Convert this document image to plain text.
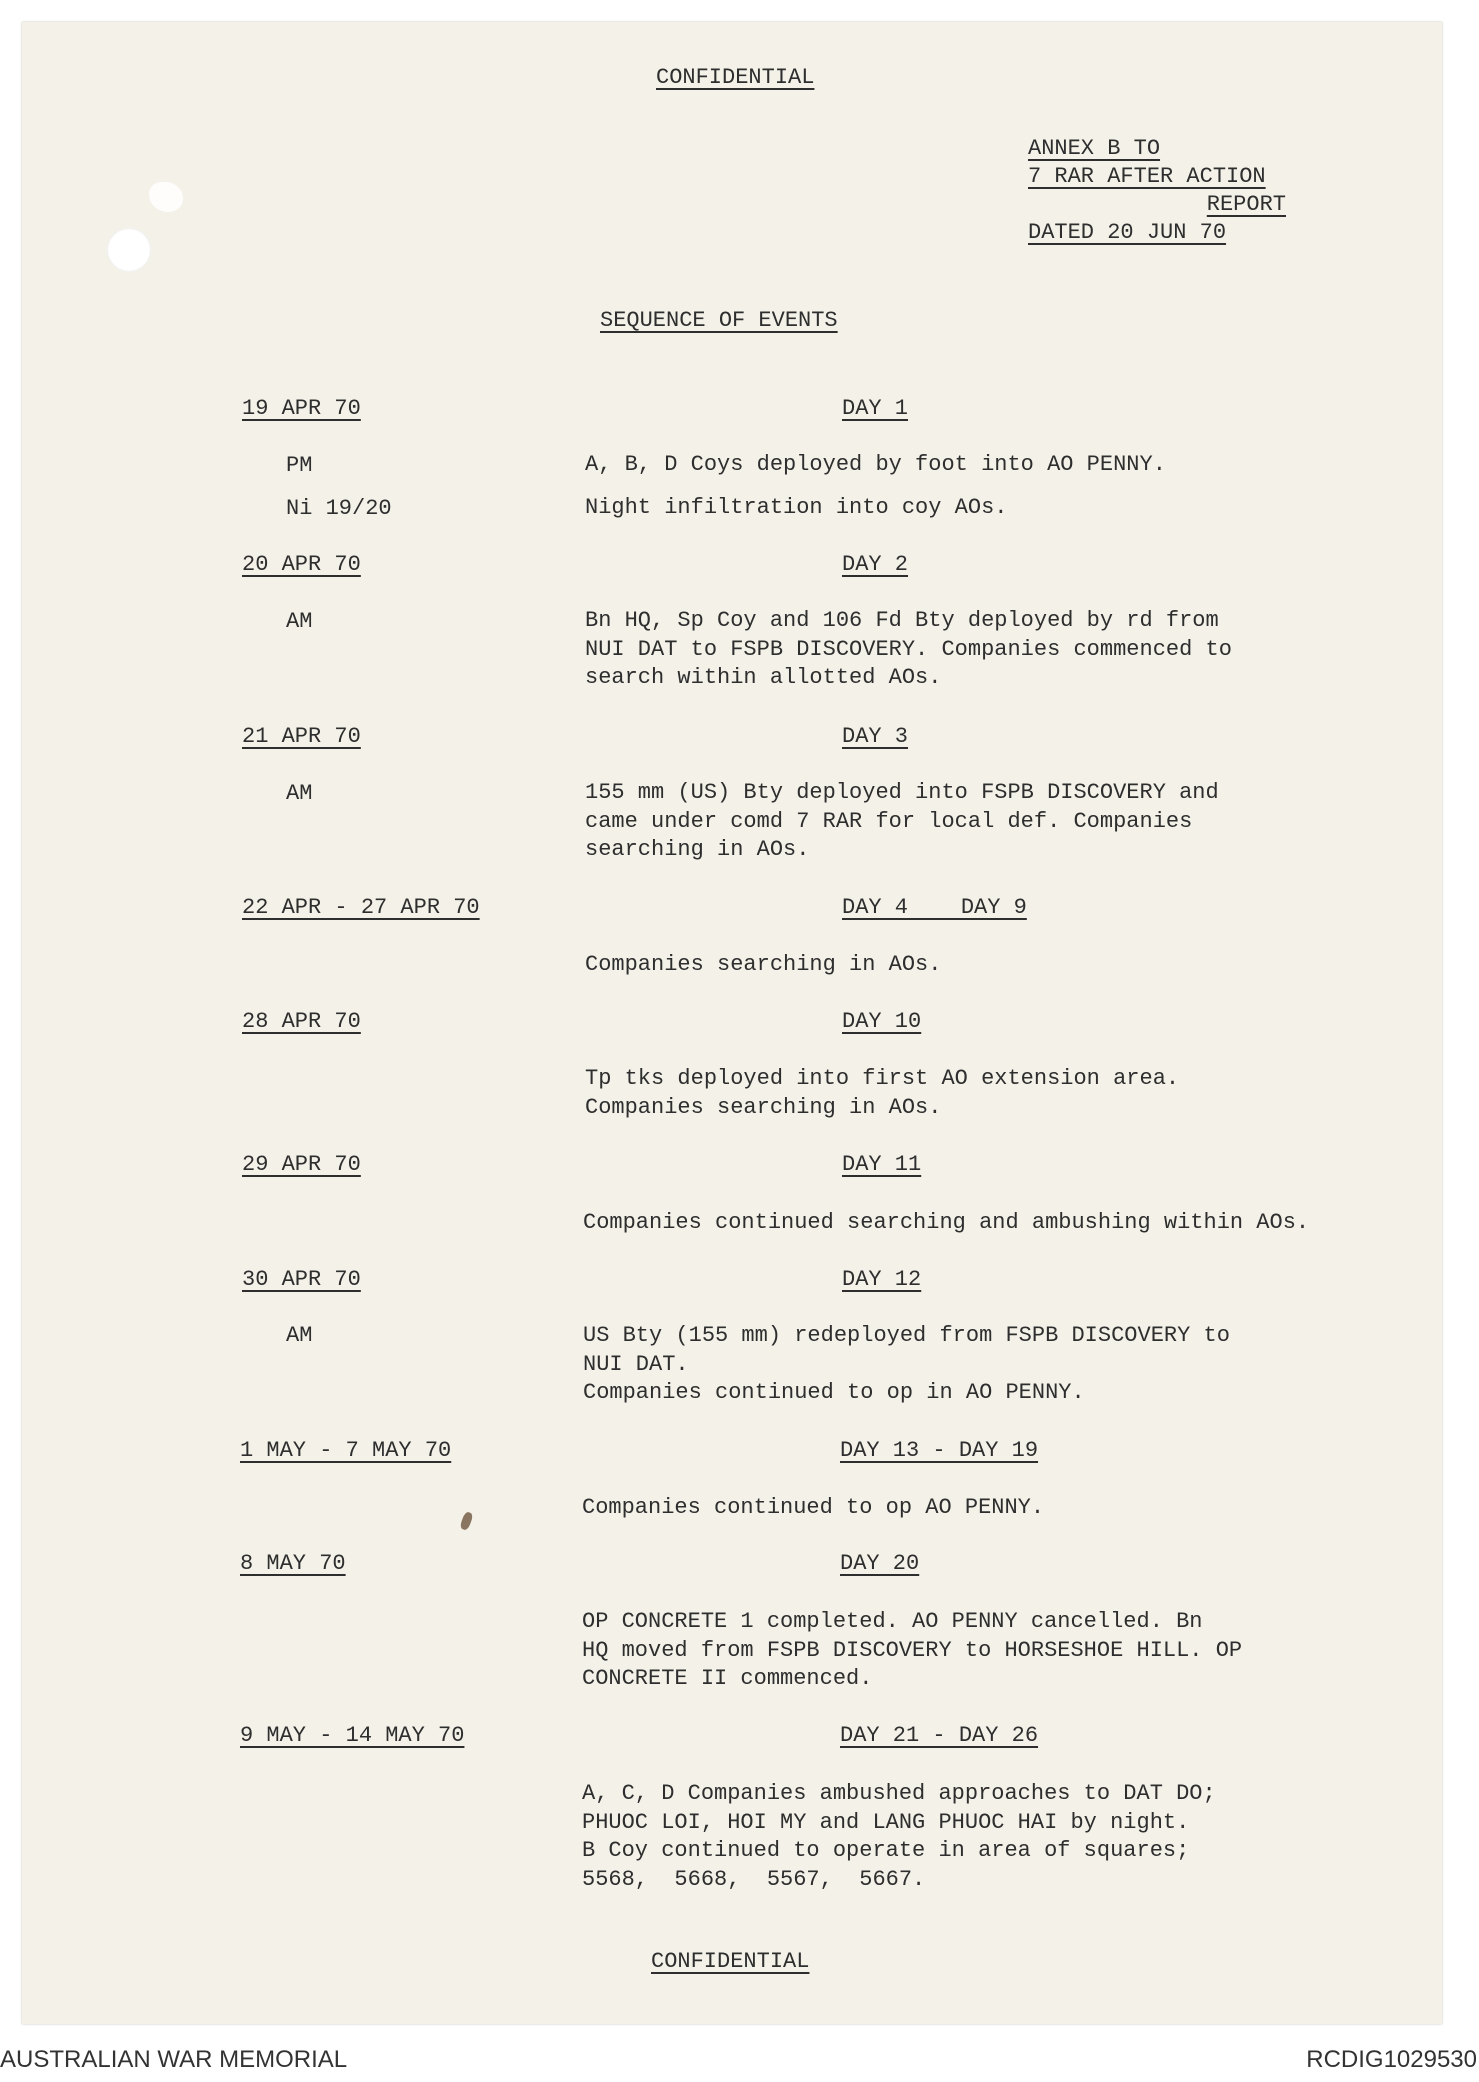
CONFIDENTIAL
ANNEX B TO
7 RAR AFTER ACTION
REPORT
DATED 20 JUN 70
SEQUENCE OF EVENTS
19 APR 70	DAY 1
PM	A, B, D Coys deployed by foot into AO PENNY.
Ni 19/20	Night infiltration into coy AOs.
20 APR 70	DAY 2
AM	Bn HQ, Sp Coy and 106 Fd Bty deployed by rd from
NUI DAT to FSPB DISCOVERY. Companies commenced to
search within allotted AOs.
21 APR 70	DAY 3
AM	155 mm (US) Bty deployed into FSPB DISCOVERY and
came under comd 7 RAR for local def. Companies
searching in AOs.
22 APR - 27 APR 70	DAY 4    DAY 9
Companies searching in AOs.
28 APR 70	DAY 10
Tp tks deployed into first AO extension area.
Companies searching in AOs.
29 APR 70	DAY 11
Companies continued searching and ambushing within AOs.
30 APR 70	DAY 12
AM	US Bty (155 mm) redeployed from FSPB DISCOVERY to
NUI DAT.
Companies continued to op in AO PENNY.
1 MAY - 7 MAY 70	DAY 13 - DAY 19
Companies continued to op AO PENNY.
8 MAY 70	DAY 20
OP CONCRETE 1 completed. AO PENNY cancelled. Bn
HQ moved from FSPB DISCOVERY to HORSESHOE HILL. OP
CONCRETE II commenced.
9 MAY - 14 MAY 70	DAY 21 - DAY 26
A, C, D Companies ambushed approaches to DAT DO;
PHUOC LOI, HOI MY and LANG PHUOC HAI by night.
B Coy continued to operate in area of squares;
5568,  5668,  5567,  5667.
CONFIDENTIAL
AUSTRALIAN WAR MEMORIAL	RCDIG1029530
